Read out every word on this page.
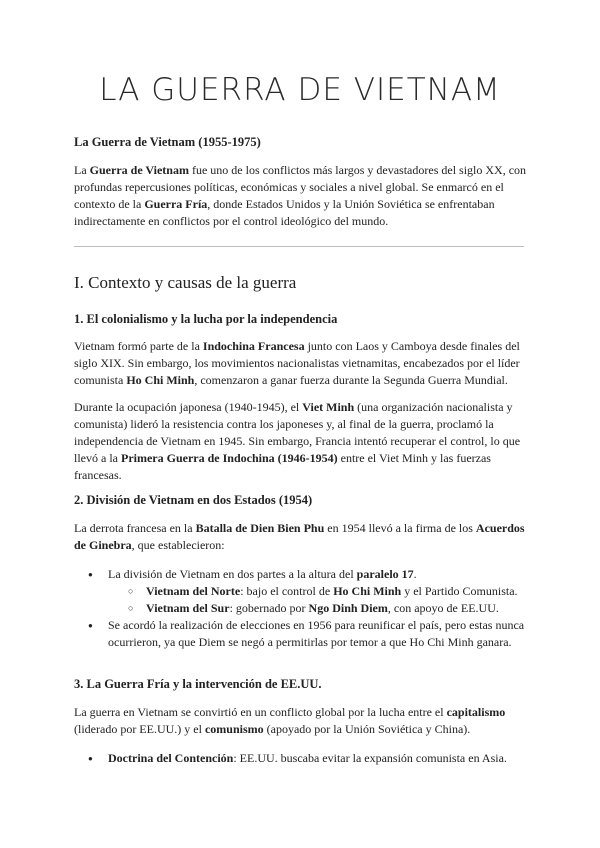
LA GUERRA DE VIETNAM
La Guerra de Vietnam (1955-1975)

La Guerra de Vietnam fue uno de los conflictos más largos y devastadores del siglo XX, con profundas repercusiones políticas, económicas y sociales a nivel global. Se enmarcó en el contexto de la Guerra Fría, donde Estados Unidos y la Unión Soviética se enfrentaban indirectamente en conflictos por el control ideológico del mundo.

I. Contexto y causas de la guerra
1. El colonialismo y la lucha por la independencia

Vietnam formó parte de la Indochina Francesa junto con Laos y Camboya desde finales del siglo XIX. Sin embargo, los movimientos nacionalistas vietnamitas, encabezados por el líder comunista Ho Chi Minh, comenzaron a ganar fuerza durante la Segunda Guerra Mundial.

Durante la ocupación japonesa (1940-1945), el Viet Minh (una organización nacionalista y comunista) lideró la resistencia contra los japoneses y, al final de la guerra, proclamó la independencia de Vietnam en 1945. Sin embargo, Francia intentó recuperar el control, lo que llevó a la Primera Guerra de Indochina (1946-1954) entre el Viet Minh y las fuerzas francesas.

2. División de Vietnam en dos Estados (1954)

La derrota francesa en la Batalla de Dien Bien Phu en 1954 llevó a la firma de los Acuerdos de Ginebra, que establecieron:

● La división de Vietnam en dos partes a la altura del paralelo 17.
○ Vietnam del Norte: bajo el control de Ho Chi Minh y el Partido Comunista.
○ Vietnam del Sur: gobernado por Ngo Dinh Diem, con apoyo de EE.UU.
● Se acordó la realización de elecciones en 1956 para reunificar el país, pero estas nunca ocurrieron, ya que Diem se negó a permitirlas por temor a que Ho Chi Minh ganara.
3. La Guerra Fría y la intervención de EE.UU.

La guerra en Vietnam se convirtió en un conflicto global por la lucha entre el capitalismo (liderado por EE.UU.) y el comunismo (apoyado por la Unión Soviética y China).

● Doctrina del Contención: EE.UU. buscaba evitar la expansión comunista en Asia.
